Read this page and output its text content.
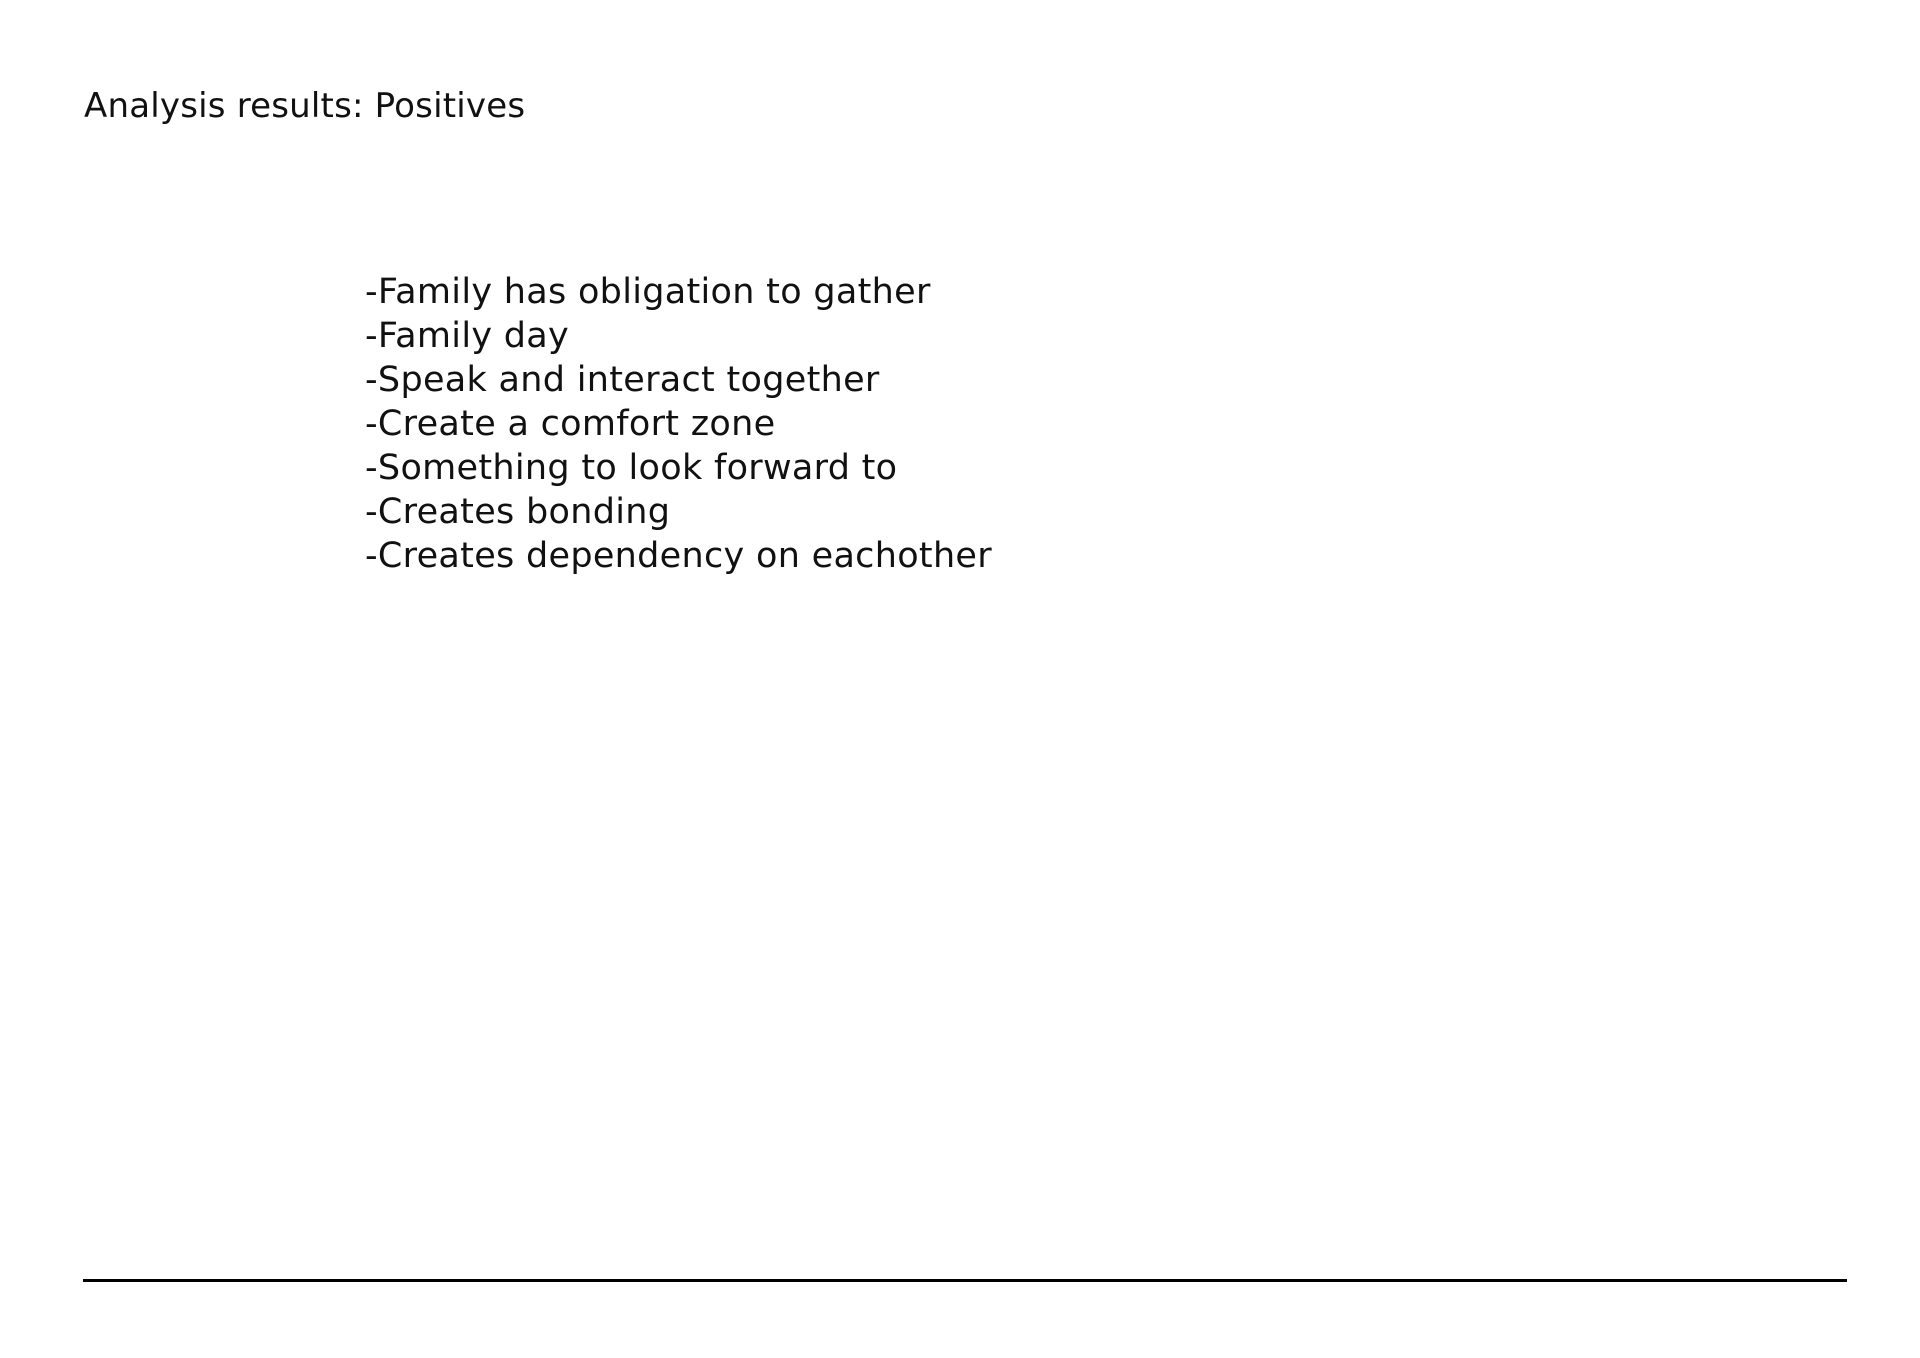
Analysis results: Positives
-Family has obligation to gather
-Family day
-Speak and interact together
-Create a comfort zone
-Something to look forward to
-Creates bonding
-Creates dependency on eachother
